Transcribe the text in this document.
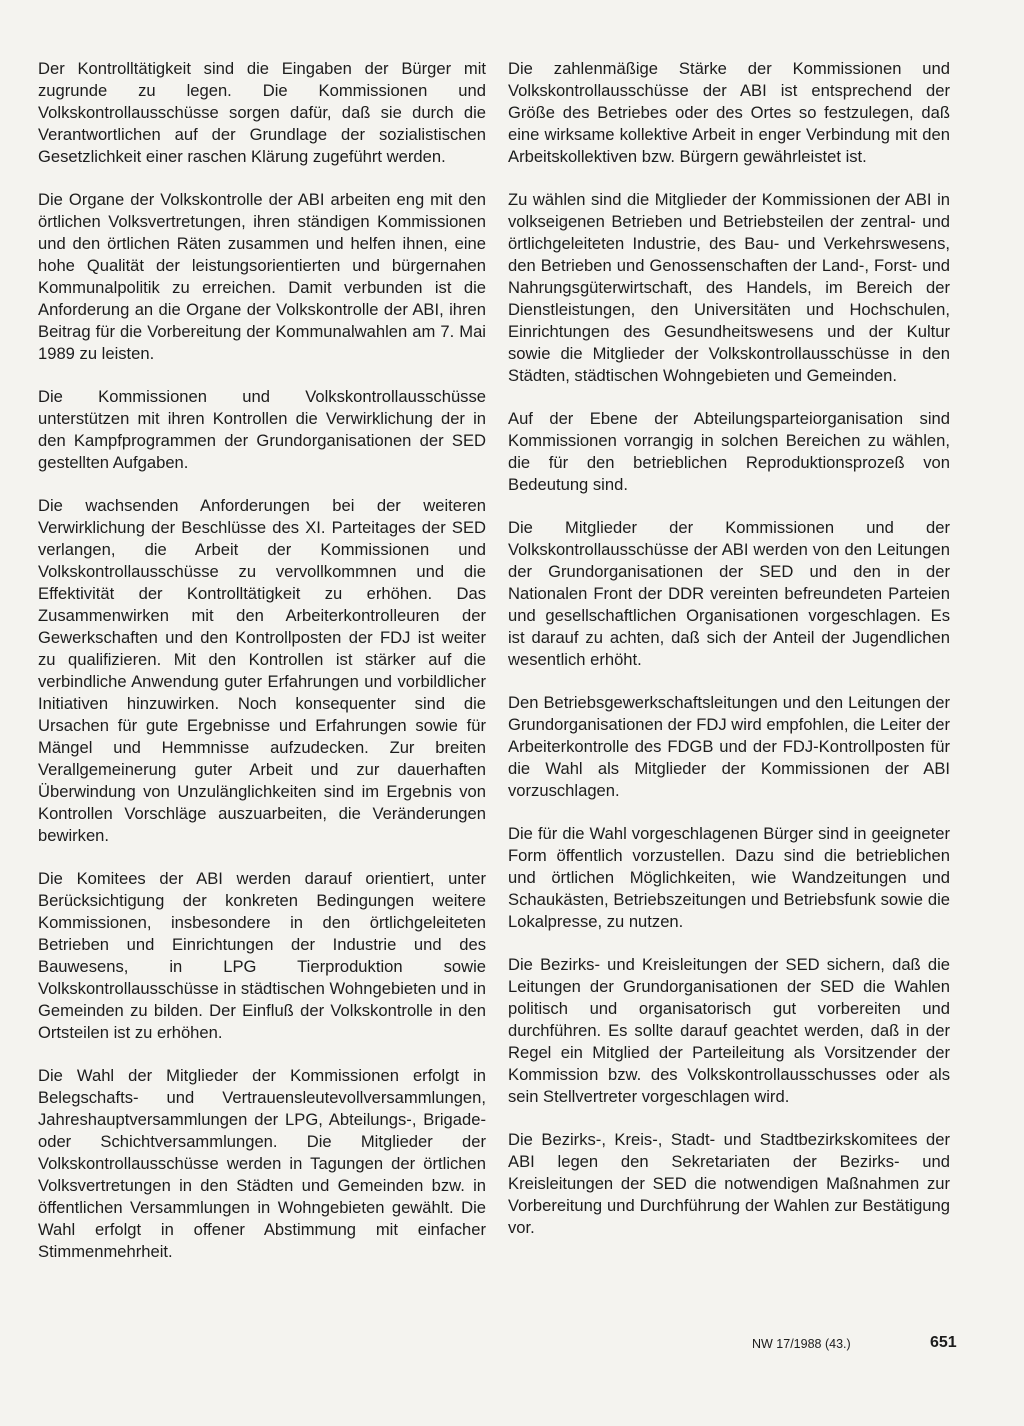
Der Kontrolltätigkeit sind die Eingaben der Bürger mit zugrunde zu legen. Die Kommissionen und Volkskontrollausschüsse sorgen dafür, daß sie durch die Verantwortlichen auf der Grundlage der sozialistischen Gesetzlichkeit einer raschen Klärung zugeführt werden.

Die Organe der Volkskontrolle der ABI arbeiten eng mit den örtlichen Volksvertretungen, ihren ständigen Kommissionen und den örtlichen Räten zusammen und helfen ihnen, eine hohe Qualität der leistungsorientierten und bürgernahen Kommunalpolitik zu erreichen. Damit verbunden ist die Anforderung an die Organe der Volkskontrolle der ABI, ihren Beitrag für die Vorbereitung der Kommunalwahlen am 7. Mai 1989 zu leisten.

Die Kommissionen und Volkskontrollausschüsse unterstützen mit ihren Kontrollen die Verwirklichung der in den Kampfprogrammen der Grundorganisationen der SED gestellten Aufgaben.

Die wachsenden Anforderungen bei der weiteren Verwirklichung der Beschlüsse des XI. Parteitages der SED verlangen, die Arbeit der Kommissionen und Volkskontrollausschüsse zu vervollkommnen und die Effektivität der Kontrolltätigkeit zu erhöhen. Das Zusammenwirken mit den Arbeiterkontrolleuren der Gewerkschaften und den Kontrollposten der FDJ ist weiter zu qualifizieren. Mit den Kontrollen ist stärker auf die verbindliche Anwendung guter Erfahrungen und vorbildlicher Initiativen hinzuwirken. Noch konsequenter sind die Ursachen für gute Ergebnisse und Erfahrungen sowie für Mängel und Hemmnisse aufzudecken. Zur breiten Verallgemeinerung guter Arbeit und zur dauerhaften Überwindung von Unzulänglichkeiten sind im Ergebnis von Kontrollen Vorschläge auszuarbeiten, die Veränderungen bewirken.

Die Komitees der ABI werden darauf orientiert, unter Berücksichtigung der konkreten Bedingungen weitere Kommissionen, insbesondere in den örtlichgeleiteten Betrieben und Einrichtungen der Industrie und des Bauwesens, in LPG Tierproduktion sowie Volkskontrollausschüsse in städtischen Wohngebieten und in Gemeinden zu bilden. Der Einfluß der Volkskontrolle in den Ortsteilen ist zu erhöhen.

Die Wahl der Mitglieder der Kommissionen erfolgt in Belegschafts- und Vertrauensleutevollversammlungen, Jahreshauptversammlungen der LPG, Abteilungs-, Brigade- oder Schichtversammlungen. Die Mitglieder der Volkskontrollausschüsse werden in Tagungen der örtlichen Volksvertretungen in den Städten und Gemeinden bzw. in öffentlichen Versammlungen in Wohngebieten gewählt. Die Wahl erfolgt in offener Abstimmung mit einfacher Stimmenmehrheit.

Die zahlenmäßige Stärke der Kommissionen und Volkskontrollausschüsse der ABI ist entsprechend der Größe des Betriebes oder des Ortes so festzulegen, daß eine wirksame kollektive Arbeit in enger Verbindung mit den Arbeitskollektiven bzw. Bürgern gewährleistet ist.

Zu wählen sind die Mitglieder der Kommissionen der ABI in volkseigenen Betrieben und Betriebsteilen der zentral- und örtlichgeleiteten Industrie, des Bau- und Verkehrswesens, den Betrieben und Genossenschaften der Land-, Forst- und Nahrungsgüterwirtschaft, des Handels, im Bereich der Dienstleistungen, den Universitäten und Hochschulen, Einrichtungen des Gesundheitswesens und der Kultur sowie die Mitglieder der Volkskontrollausschüsse in den Städten, städtischen Wohngebieten und Gemeinden.

Auf der Ebene der Abteilungsparteiorganisation sind Kommissionen vorrangig in solchen Bereichen zu wählen, die für den betrieblichen Reproduktionsprozeß von Bedeutung sind.

Die Mitglieder der Kommissionen und der Volkskontrollausschüsse der ABI werden von den Leitungen der Grundorganisationen der SED und den in der Nationalen Front der DDR vereinten befreundeten Parteien und gesellschaftlichen Organisationen vorgeschlagen. Es ist darauf zu achten, daß sich der Anteil der Jugendlichen wesentlich erhöht.

Den Betriebsgewerkschaftsleitungen und den Leitungen der Grundorganisationen der FDJ wird empfohlen, die Leiter der Arbeiterkontrolle des FDGB und der FDJ-Kontrollposten für die Wahl als Mitglieder der Kommissionen der ABI vorzuschlagen.

Die für die Wahl vorgeschlagenen Bürger sind in geeigneter Form öffentlich vorzustellen. Dazu sind die betrieblichen und örtlichen Möglichkeiten, wie Wandzeitungen und Schaukästen, Betriebszeitungen und Betriebsfunk sowie die Lokalpresse, zu nutzen.

Die Bezirks- und Kreisleitungen der SED sichern, daß die Leitungen der Grundorganisationen der SED die Wahlen politisch und organisatorisch gut vorbereiten und durchführen. Es sollte darauf geachtet werden, daß in der Regel ein Mitglied der Parteileitung als Vorsitzender der Kommission bzw. des Volkskontrollausschusses oder als sein Stellvertreter vorgeschlagen wird.

Die Bezirks-, Kreis-, Stadt- und Stadtbezirkskomitees der ABI legen den Sekretariaten der Bezirks- und Kreisleitungen der SED die notwendigen Maßnahmen zur Vorbereitung und Durchführung der Wahlen zur Bestätigung vor.

NW 17/1988 (43.)	651
